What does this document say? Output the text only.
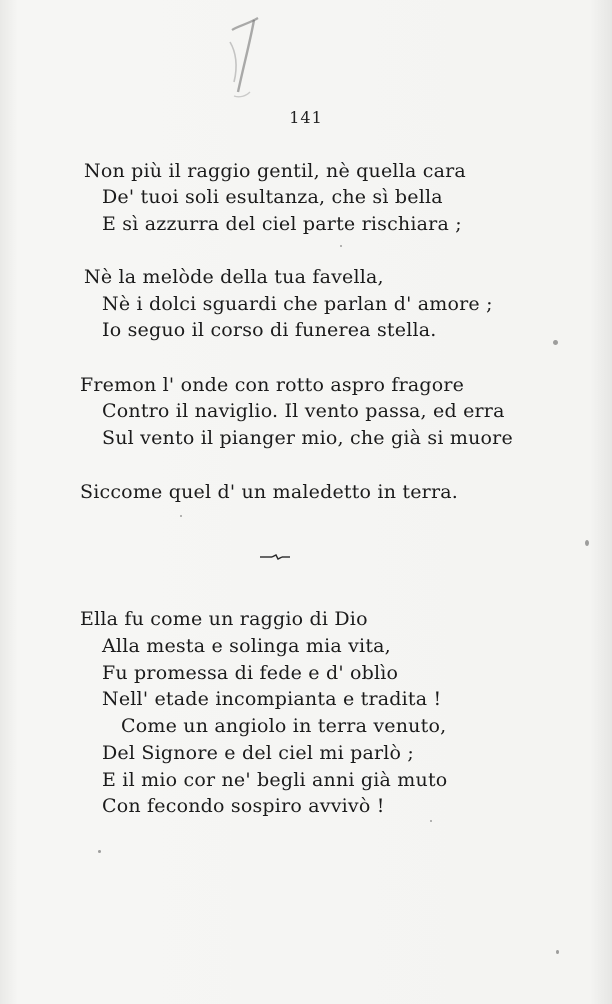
141
Non più il raggio gentil, nè quella cara
De' tuoi soli esultanza, che sì bella
E sì azzurra del ciel parte rischiara ;
Nè la melòde della tua favella,
Nè i dolci sguardi che parlan d' amore ;
Io seguo il corso di funerea stella.
Fremon l' onde con rotto aspro fragore
Contro il naviglio. Il vento passa, ed erra
Sul vento il pianger mio, che già si muore
Siccome quel d' un maledetto in terra.
Ella fu come un raggio di Dio
Alla mesta e solinga mia vita,
Fu promessa di fede e d' oblìo
Nell' etade incompianta e tradita !
Come un angiolo in terra venuto,
Del Signore e del ciel mi parlò ;
E il mio cor ne' begli anni già muto
Con fecondo sospiro avvivò !
